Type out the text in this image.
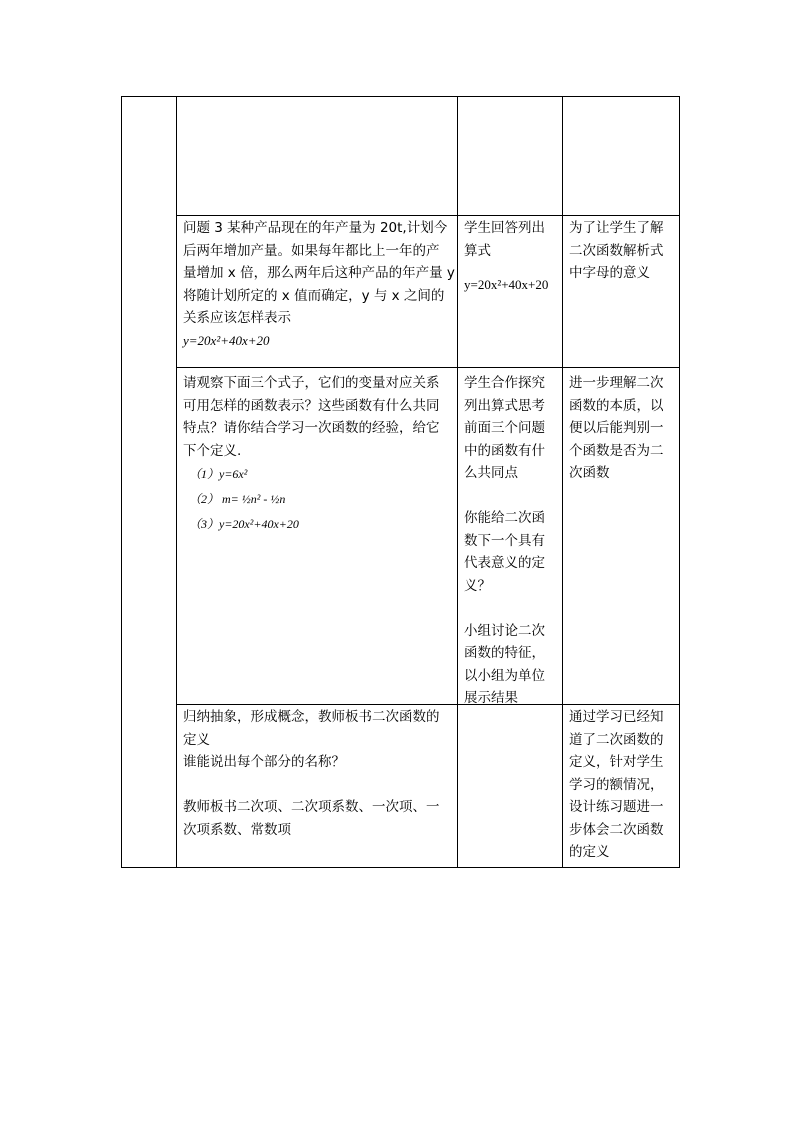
问题 3 某种产品现在的年产量为 20t,计划今
后两年增加产量。如果每年都比上一年的产
量增加 x 倍，那么两年后这种产品的年产量 y
将随计划所定的 x 值而确定，y 与 x 之间的
关系应该怎样表示
y=20x²+40x+20
学生回答列出
算式
y=20x²+40x+20
为了让学生了解
二次函数解析式
中字母的意义
请观察下面三个式子，它们的变量对应关系
可用怎样的函数表示？这些函数有什么共同
特点？请你结合学习一次函数的经验，给它
下个定义.
（1）y=6x²
（2） m= ½n² - ½n
（3）y=20x²+40x+20
学生合作探究
列出算式思考
前面三个问题
中的函数有什
么共同点
你能给二次函
数下一个具有
代表意义的定
义？
小组讨论二次
函数的特征，
以小组为单位
展示结果
进一步理解二次
函数的本质，以
便以后能判别一
个函数是否为二
次函数
归纳抽象，形成概念，教师板书二次函数的
定义
谁能说出每个部分的名称？
教师板书二次项、二次项系数、一次项、一
次项系数、常数项
通过学习已经知
道了二次函数的
定义，针对学生
学习的额情况，
设计练习题进一
步体会二次函数
的定义
